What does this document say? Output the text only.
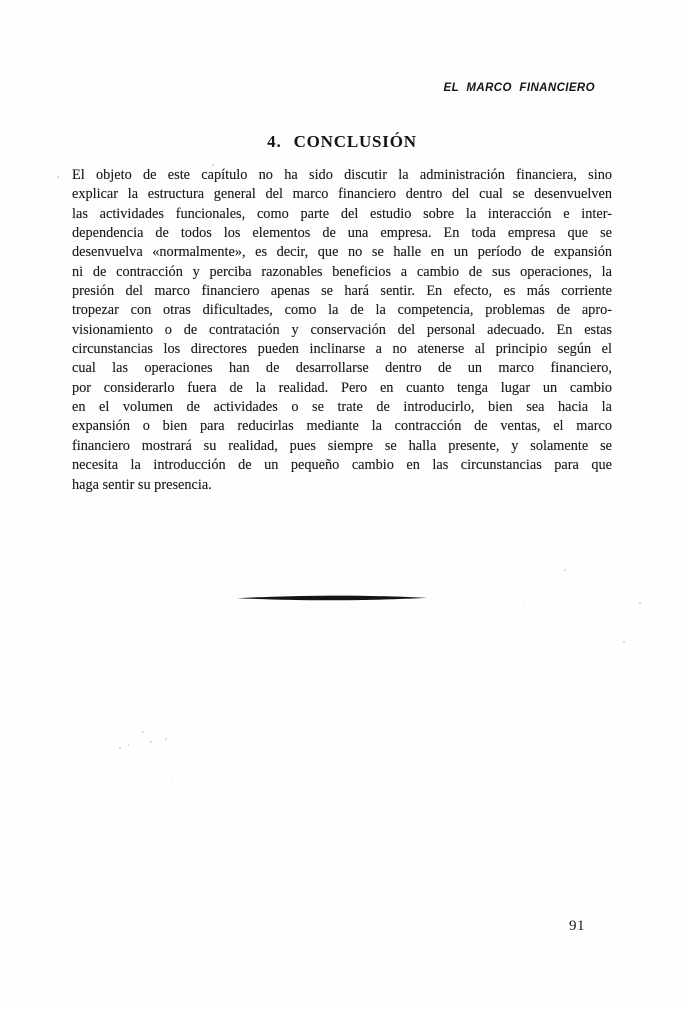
EL MARCO FINANCIERO
4. CONCLUSIÓN
El objeto de este capítulo no ha sido discutir la administración financiera, sino
explicar la estructura general del marco financiero dentro del cual se desenvuelven
las actividades funcionales, como parte del estudio sobre la interacción e inter-
dependencia de todos los elementos de una empresa. En toda empresa que se
desenvuelva «normalmente», es decir, que no se halle en un período de expansión
ni de contracción y perciba razonables beneficios a cambio de sus operaciones, la
presión del marco financiero apenas se hará sentir. En efecto, es más corriente
tropezar con otras dificultades, como la de la competencia, problemas de apro-
visionamiento o de contratación y conservación del personal adecuado. En estas
circunstancias los directores pueden inclinarse a no atenerse al principio según el
cual las operaciones han de desarrollarse dentro de un marco financiero,
por considerarlo fuera de la realidad. Pero en cuanto tenga lugar un cambio
en el volumen de actividades o se trate de introducirlo, bien sea hacia la
expansión o bien para reducirlas mediante la contracción de ventas, el marco
financiero mostrará su realidad, pues siempre se halla presente, y solamente se
necesita la introducción de un pequeño cambio en las circunstancias para que
haga sentir su presencia.
91
